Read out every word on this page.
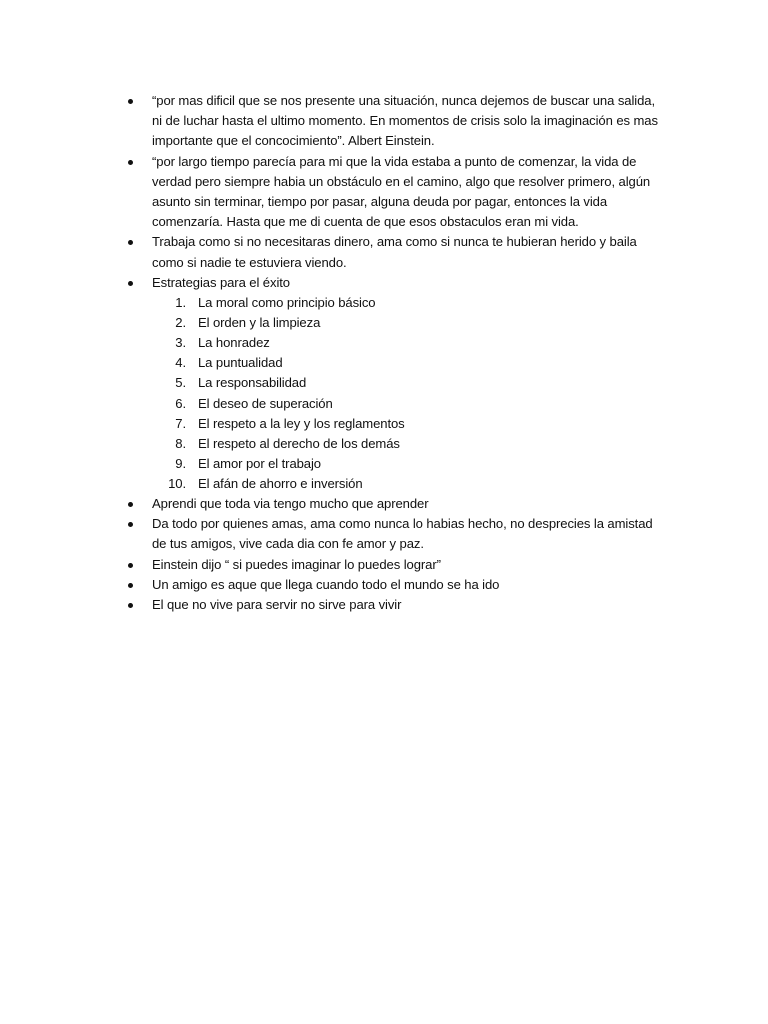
“por mas dificil que se nos presente una situación, nunca dejemos de buscar una salida, ni de luchar hasta el ultimo momento. En momentos de crisis solo la imaginación es mas importante que el concocimiento”. Albert Einstein.
“por largo tiempo parecía para mi que la vida estaba a punto de comenzar, la vida de verdad pero siempre habia un obstáculo en el camino, algo que resolver primero, algún asunto sin terminar, tiempo por pasar, alguna deuda por pagar, entonces la vida comenzaría. Hasta que me di cuenta de que esos obstaculos eran mi vida.
Trabaja como si no necesitaras dinero, ama como si nunca te hubieran herido y baila como si nadie te estuviera viendo.
Estrategias para el éxito
1. La moral como principio básico
2. El orden y la limpieza
3. La honradez
4. La puntualidad
5. La responsabilidad
6. El deseo de superación
7. El respeto a la ley y los reglamentos
8. El respeto al derecho de los demás
9. El amor por el trabajo
10. El afán de ahorro e inversión
Aprendi que toda via tengo mucho que aprender
Da todo por quienes amas, ama como nunca lo habias hecho, no desprecies la amistad de tus amigos, vive cada dia con fe amor y paz.
Einstein dijo “ si puedes imaginar lo puedes lograr”
Un amigo es aque que llega cuando todo el mundo se ha ido
El que no vive para servir no sirve para vivir
